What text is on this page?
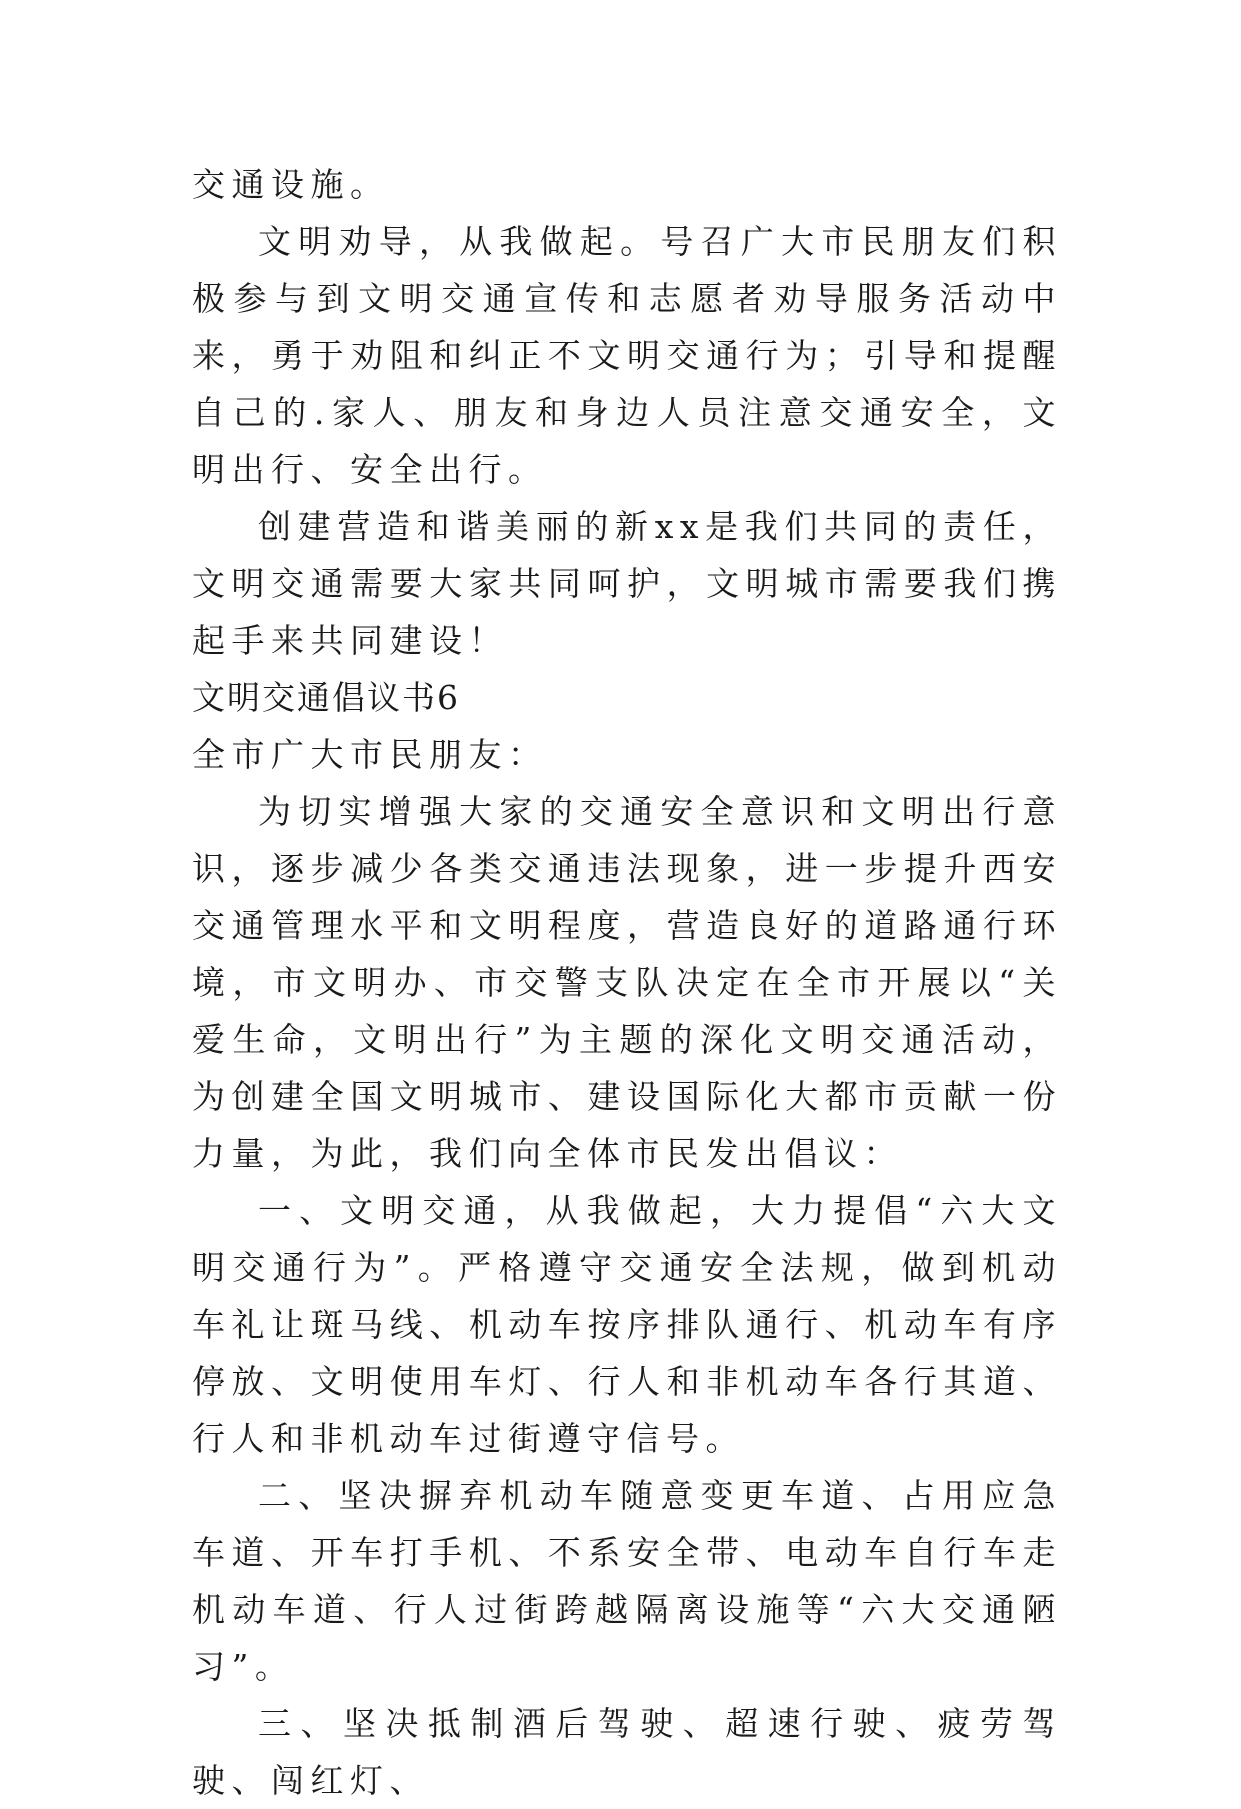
交通设施。

文明劝导，从我做起。号召广大市民朋友们积极参与到文明交通宣传和志愿者劝导服务活动中来，勇于劝阻和纠正不文明交通行为；引导和提醒自己的.家人、朋友和身边人员注意交通安全，文明出行、安全出行。

创建营造和谐美丽的新xx是我们共同的责任，文明交通需要大家共同呵护，文明城市需要我们携起手来共同建设！

文明交通倡议书6

全市广大市民朋友：

为切实增强大家的交通安全意识和文明出行意识，逐步减少各类交通违法现象，进一步提升西安交通管理水平和文明程度，营造良好的道路通行环境，市文明办、市交警支队决定在全市开展以“关爱生命，文明出行”为主题的深化文明交通活动，为创建全国文明城市、建设国际化大都市贡献一份力量，为此，我们向全体市民发出倡议：

一、文明交通，从我做起，大力提倡“六大文明交通行为”。严格遵守交通安全法规，做到机动车礼让斑马线、机动车按序排队通行、机动车有序停放、文明使用车灯、行人和非机动车各行其道、行人和非机动车过街遵守信号。

二、坚决摒弃机动车随意变更车道、占用应急车道、开车打手机、不系安全带、电动车自行车走机动车道、行人过街跨越隔离设施等“六大交通陋习”。

三、坚决抵制酒后驾驶、超速行驶、疲劳驾驶、闯红灯、
